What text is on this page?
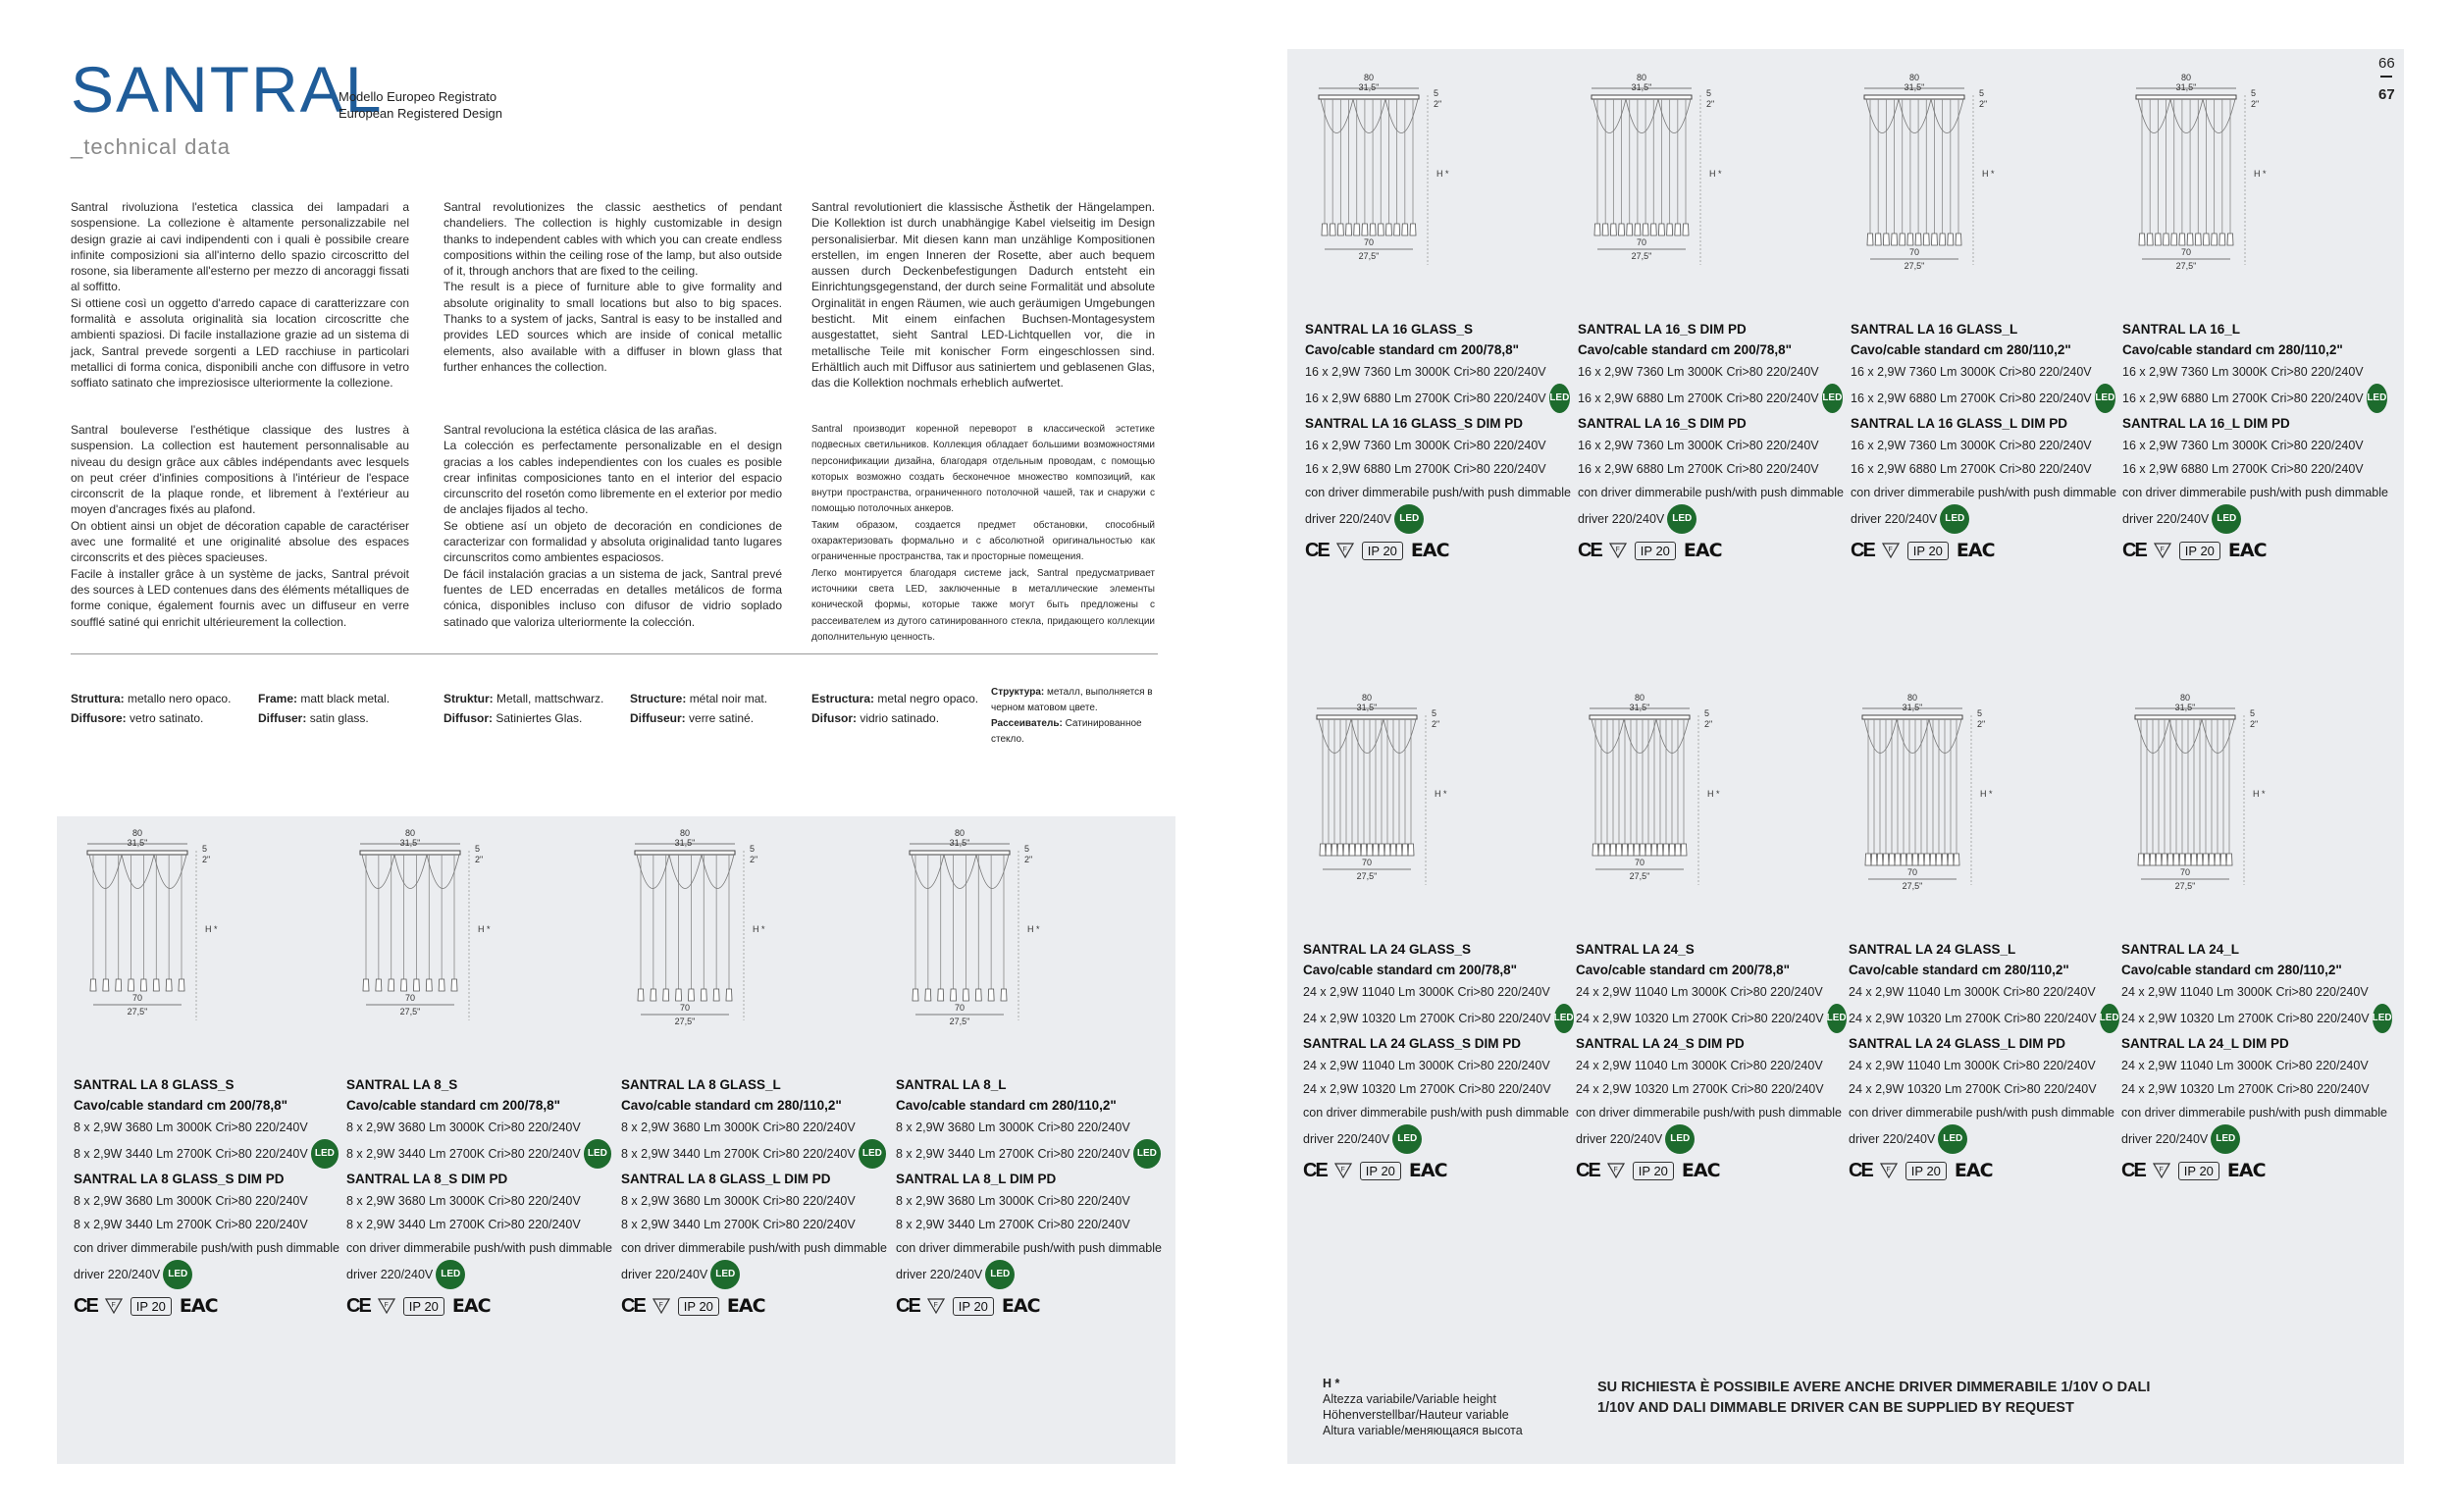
SANTRAL
Modello Europeo Registrato
European Registered Design
_technical data
Santral rivoluziona l'estetica classica dei lampadari a sospensione. La collezione è altamente personalizzabile nel design grazie ai cavi indipendenti con i quali è possibile creare infinite composizioni sia all'interno dello spazio circoscritto del rosone, sia liberamente all'esterno per mezzo di ancoraggi fissati al soffitto.
Si ottiene così un oggetto d'arredo capace di caratterizzare con formalità e assoluta originalità sia location circoscritte che ambienti spaziosi. Di facile installazione grazie ad un sistema di jack, Santral prevede sorgenti a LED racchiuse in particolari metallici di forma conica, disponibili anche con diffusore in vetro soffiato satinato che impreziosisce ulteriormente la collezione.
Santral revolutionizes the classic aesthetics of pendant chandeliers. The collection is highly customizable in design thanks to independent cables with which you can create endless compositions within the ceiling rose of the lamp, but also outside of it, through anchors that are fixed to the ceiling.
The result is a piece of furniture able to give formality and absolute originality to small locations but also to big spaces. Thanks to a system of jacks, Santral is easy to be installed and provides LED sources which are inside of conical metallic elements, also available with a diffuser in blown glass that further enhances the collection.
Santral revolutioniert die klassische Ästhetik der Hängelampen. Die Kollektion ist durch unabhängige Kabel vielseitig im Design personalisierbar. Mit diesen kann man unzählige Kompositionen erstellen, im engen Inneren der Rosette, aber auch bequem aussen durch Deckenbefestigungen Dadurch entsteht ein Einrichtungsgegenstand, der durch seine Formalität und absolute Orginalität in engen Räumen, wie auch geräumigen Umgebungen besticht. Mit einem einfachen Buchsen-Montagesystem ausgestattet, sieht Santral LED-Lichtquellen vor, die in metallische Teile mit konischer Form eingeschlossen sind. Erhältlich auch mit Diffusor aus satiniertem und geblasenen Glas, das die Kollektion nochmals erheblich aufwertet.
Santral bouleverse l'esthétique classique des lustres à suspension. La collection est hautement personnalisable au niveau du design grâce aux câbles indépendants avec lesquels on peut créer d'infinies compositions à l'intérieur de l'espace circonscrit de la plaque ronde, et librement à l'extérieur au moyen d'ancrages fixés au plafond.
On obtient ainsi un objet de décoration capable de caractériser avec une formalité et une originalité absolue des espaces circonscrits et des pièces spacieuses.
Facile à installer grâce à un système de jacks, Santral prévoit des sources à LED contenues dans des éléments métalliques de forme conique, également fournis avec un diffuseur en verre soufflé satiné qui enrichit ultérieurement la collection.
Santral revoluciona la estética clásica de las arañas.
La colección es perfectamente personalizable en el design gracias a los cables independientes con los cuales es posible crear infinitas composiciones tanto en el interior del espacio circunscrito del rosetón como libremente en el exterior por medio de anclajes fijados al techo.
Se obtiene así un objeto de decoración en condiciones de caracterizar con formalidad y absoluta originalidad tanto lugares circunscritos como ambientes espaciosos.
De fácil instalación gracias a un sistema de jack, Santral prevé fuentes de LED encerradas en detalles metálicos de forma cónica, disponibles incluso con difusor de vidrio soplado satinado que valoriza ulteriormente la colección.
Santral производит коренной переворот в классической эстетике подвесных светильников. Коллекция обладает большими возможностями персонификации дизайна, благодаря отдельным проводам, с помощью которых возможно создать бесконечное множество композиций, как внутри пространства, ограниченного потолочной чашей, так и снаружи с помощью потолочных анкеров.
Таким образом, создается предмет обстановки, способный охарактеризовать формально и с абсолютной оригинальностью как ограниченные пространства, так и просторные помещения.
Легко монтируется благодаря системе jack, Santral предусматривает источники света LED, заключенные в металлические элементы конической формы, которые также могут быть предложены с рассеивателем из дутого сатинированного стекла, придающего коллекции дополнительную ценность.

Struttura: metallo nero opaco.
Diffusore: vetro satinato.

Frame: matt black metal.
Diffuser: satin glass.

Struktur: Metall, mattschwarz.
Diffusor: Satiniertes Glas.

Structure: métal noir mat.
Diffuseur: verre satiné.

Estructura: metal negro opaco.
Difusor: vidrio satinado.

Структура: металл, выполняется в черном матовом цвете.
Рассеиватель: Сатинированное стекло.

66
67
80
31,5"
5
2"
H *
70
27,5"
SANTRAL LA 16 GLASS_S
Cavo/cable standard cm 200/78,8"
16 x 2,9W 7360 Lm 3000K Cri>80 220/240V
16 x 2,9W 6880 Lm 2700K Cri>80 220/240V LED
SANTRAL LA 16 GLASS_S DIM PD
16 x 2,9W 7360 Lm 3000K Cri>80 220/240V
16 x 2,9W 6880 Lm 2700K Cri>80 220/240V
con driver dimmerabile push/with push dimmable
driver 220/240V LED
CE F	IP 20 EAC
80
31,5"
5
2"
H *
70
27,5"
SANTRAL LA 16_S DIM PD
Cavo/cable standard cm 200/78,8"
16 x 2,9W 7360 Lm 3000K Cri>80 220/240V
16 x 2,9W 6880 Lm 2700K Cri>80 220/240V LED
SANTRAL LA 16_S DIM PD
16 x 2,9W 7360 Lm 3000K Cri>80 220/240V
16 x 2,9W 6880 Lm 2700K Cri>80 220/240V
con driver dimmerabile push/with push dimmable
driver 220/240V LED
CE F	IP 20 EAC
80
31,5"
5
2"
H *
70
27,5"
SANTRAL LA 16 GLASS_L
Cavo/cable standard cm 280/110,2"
16 x 2,9W 7360 Lm 3000K Cri>80 220/240V
16 x 2,9W 6880 Lm 2700K Cri>80 220/240V LED
SANTRAL LA 16 GLASS_L DIM PD
16 x 2,9W 7360 Lm 3000K Cri>80 220/240V
16 x 2,9W 6880 Lm 2700K Cri>80 220/240V
con driver dimmerabile push/with push dimmable
driver 220/240V LED
CE F	IP 20 EAC
80
31,5"
5
2"
H *
70
27,5"
SANTRAL LA 16_L
Cavo/cable standard cm 280/110,2"
16 x 2,9W 7360 Lm 3000K Cri>80 220/240V
16 x 2,9W 6880 Lm 2700K Cri>80 220/240V LED
SANTRAL LA 16_L DIM PD
16 x 2,9W 7360 Lm 3000K Cri>80 220/240V
16 x 2,9W 6880 Lm 2700K Cri>80 220/240V
con driver dimmerabile push/with push dimmable
driver 220/240V LED
CE F	IP 20 EAC
80
31,5"
5
2"
H *
70
27,5"
SANTRAL LA 24 GLASS_S
Cavo/cable standard cm 200/78,8"
24 x 2,9W 11040 Lm 3000K Cri>80 220/240V
24 x 2,9W 10320 Lm 2700K Cri>80 220/240V LED
SANTRAL LA 24 GLASS_S DIM PD
24 x 2,9W 11040 Lm 3000K Cri>80 220/240V
24 x 2,9W 10320 Lm 2700K Cri>80 220/240V
con driver dimmerabile push/with push dimmable
driver 220/240V LED
CE F	IP 20 EAC
80
31,5"
5
2"
H *
70
27,5"
SANTRAL LA 24_S
Cavo/cable standard cm 200/78,8"
24 x 2,9W 11040 Lm 3000K Cri>80 220/240V
24 x 2,9W 10320 Lm 2700K Cri>80 220/240V LED
SANTRAL LA 24_S DIM PD
24 x 2,9W 11040 Lm 3000K Cri>80 220/240V
24 x 2,9W 10320 Lm 2700K Cri>80 220/240V
con driver dimmerabile push/with push dimmable
driver 220/240V LED
CE F	IP 20 EAC
80
31,5"
5
2"
H *
70
27,5"
SANTRAL LA 24 GLASS_L
Cavo/cable standard cm 280/110,2"
24 x 2,9W 11040 Lm 3000K Cri>80 220/240V
24 x 2,9W 10320 Lm 2700K Cri>80 220/240V LED
SANTRAL LA 24 GLASS_L DIM PD
24 x 2,9W 11040 Lm 3000K Cri>80 220/240V
24 x 2,9W 10320 Lm 2700K Cri>80 220/240V
con driver dimmerabile push/with push dimmable
driver 220/240V LED
CE F	IP 20 EAC
80
31,5"
5
2"
H *
70
27,5"
SANTRAL LA 24_L
Cavo/cable standard cm 280/110,2"
24 x 2,9W 11040 Lm 3000K Cri>80 220/240V
24 x 2,9W 10320 Lm 2700K Cri>80 220/240V LED
SANTRAL LA 24_L DIM PD
24 x 2,9W 11040 Lm 3000K Cri>80 220/240V
24 x 2,9W 10320 Lm 2700K Cri>80 220/240V
con driver dimmerabile push/with push dimmable
driver 220/240V LED
CE F	IP 20 EAC
80
31,5"
5
2"
H *
70
27,5"
SANTRAL LA 8 GLASS_S
Cavo/cable standard cm 200/78,8"
8 x 2,9W 3680 Lm 3000K Cri>80 220/240V
8 x 2,9W 3440 Lm 2700K Cri>80 220/240V LED
SANTRAL LA 8 GLASS_S DIM PD
8 x 2,9W 3680 Lm 3000K Cri>80 220/240V
8 x 2,9W 3440 Lm 2700K Cri>80 220/240V
con driver dimmerabile push/with push dimmable
driver 220/240V LED
CE F	IP 20 EAC
80
31,5"
5
2"
H *
70
27,5"
SANTRAL LA 8_S
Cavo/cable standard cm 200/78,8"
8 x 2,9W 3680 Lm 3000K Cri>80 220/240V
8 x 2,9W 3440 Lm 2700K Cri>80 220/240V LED
SANTRAL LA 8_S DIM PD
8 x 2,9W 3680 Lm 3000K Cri>80 220/240V
8 x 2,9W 3440 Lm 2700K Cri>80 220/240V
con driver dimmerabile push/with push dimmable
driver 220/240V LED
CE F	IP 20 EAC
80
31,5"
5
2"
H *
70
27,5"
SANTRAL LA 8 GLASS_L
Cavo/cable standard cm 280/110,2"
8 x 2,9W 3680 Lm 3000K Cri>80 220/240V
8 x 2,9W 3440 Lm 2700K Cri>80 220/240V LED
SANTRAL LA 8 GLASS_L DIM PD
8 x 2,9W 3680 Lm 3000K Cri>80 220/240V
8 x 2,9W 3440 Lm 2700K Cri>80 220/240V
con driver dimmerabile push/with push dimmable
driver 220/240V LED
CE F	IP 20 EAC
80
31,5"
5
2"
H *
70
27,5"
SANTRAL LA 8_L
Cavo/cable standard cm 280/110,2"
8 x 2,9W 3680 Lm 3000K Cri>80 220/240V
8 x 2,9W 3440 Lm 2700K Cri>80 220/240V LED
SANTRAL LA 8_L DIM PD
8 x 2,9W 3680 Lm 3000K Cri>80 220/240V
8 x 2,9W 3440 Lm 2700K Cri>80 220/240V
con driver dimmerabile push/with push dimmable
driver 220/240V LED
CE F	IP 20 EAC

H *
Altezza variabile/Variable height
Höhenverstellbar/Hauteur variable
Altura variable/меняющаяся высота

SU RICHIESTA È POSSIBILE AVERE ANCHE DRIVER DIMMERABILE 1/10V O DALI
1/10V AND DALI DIMMABLE DRIVER CAN BE SUPPLIED BY REQUEST
